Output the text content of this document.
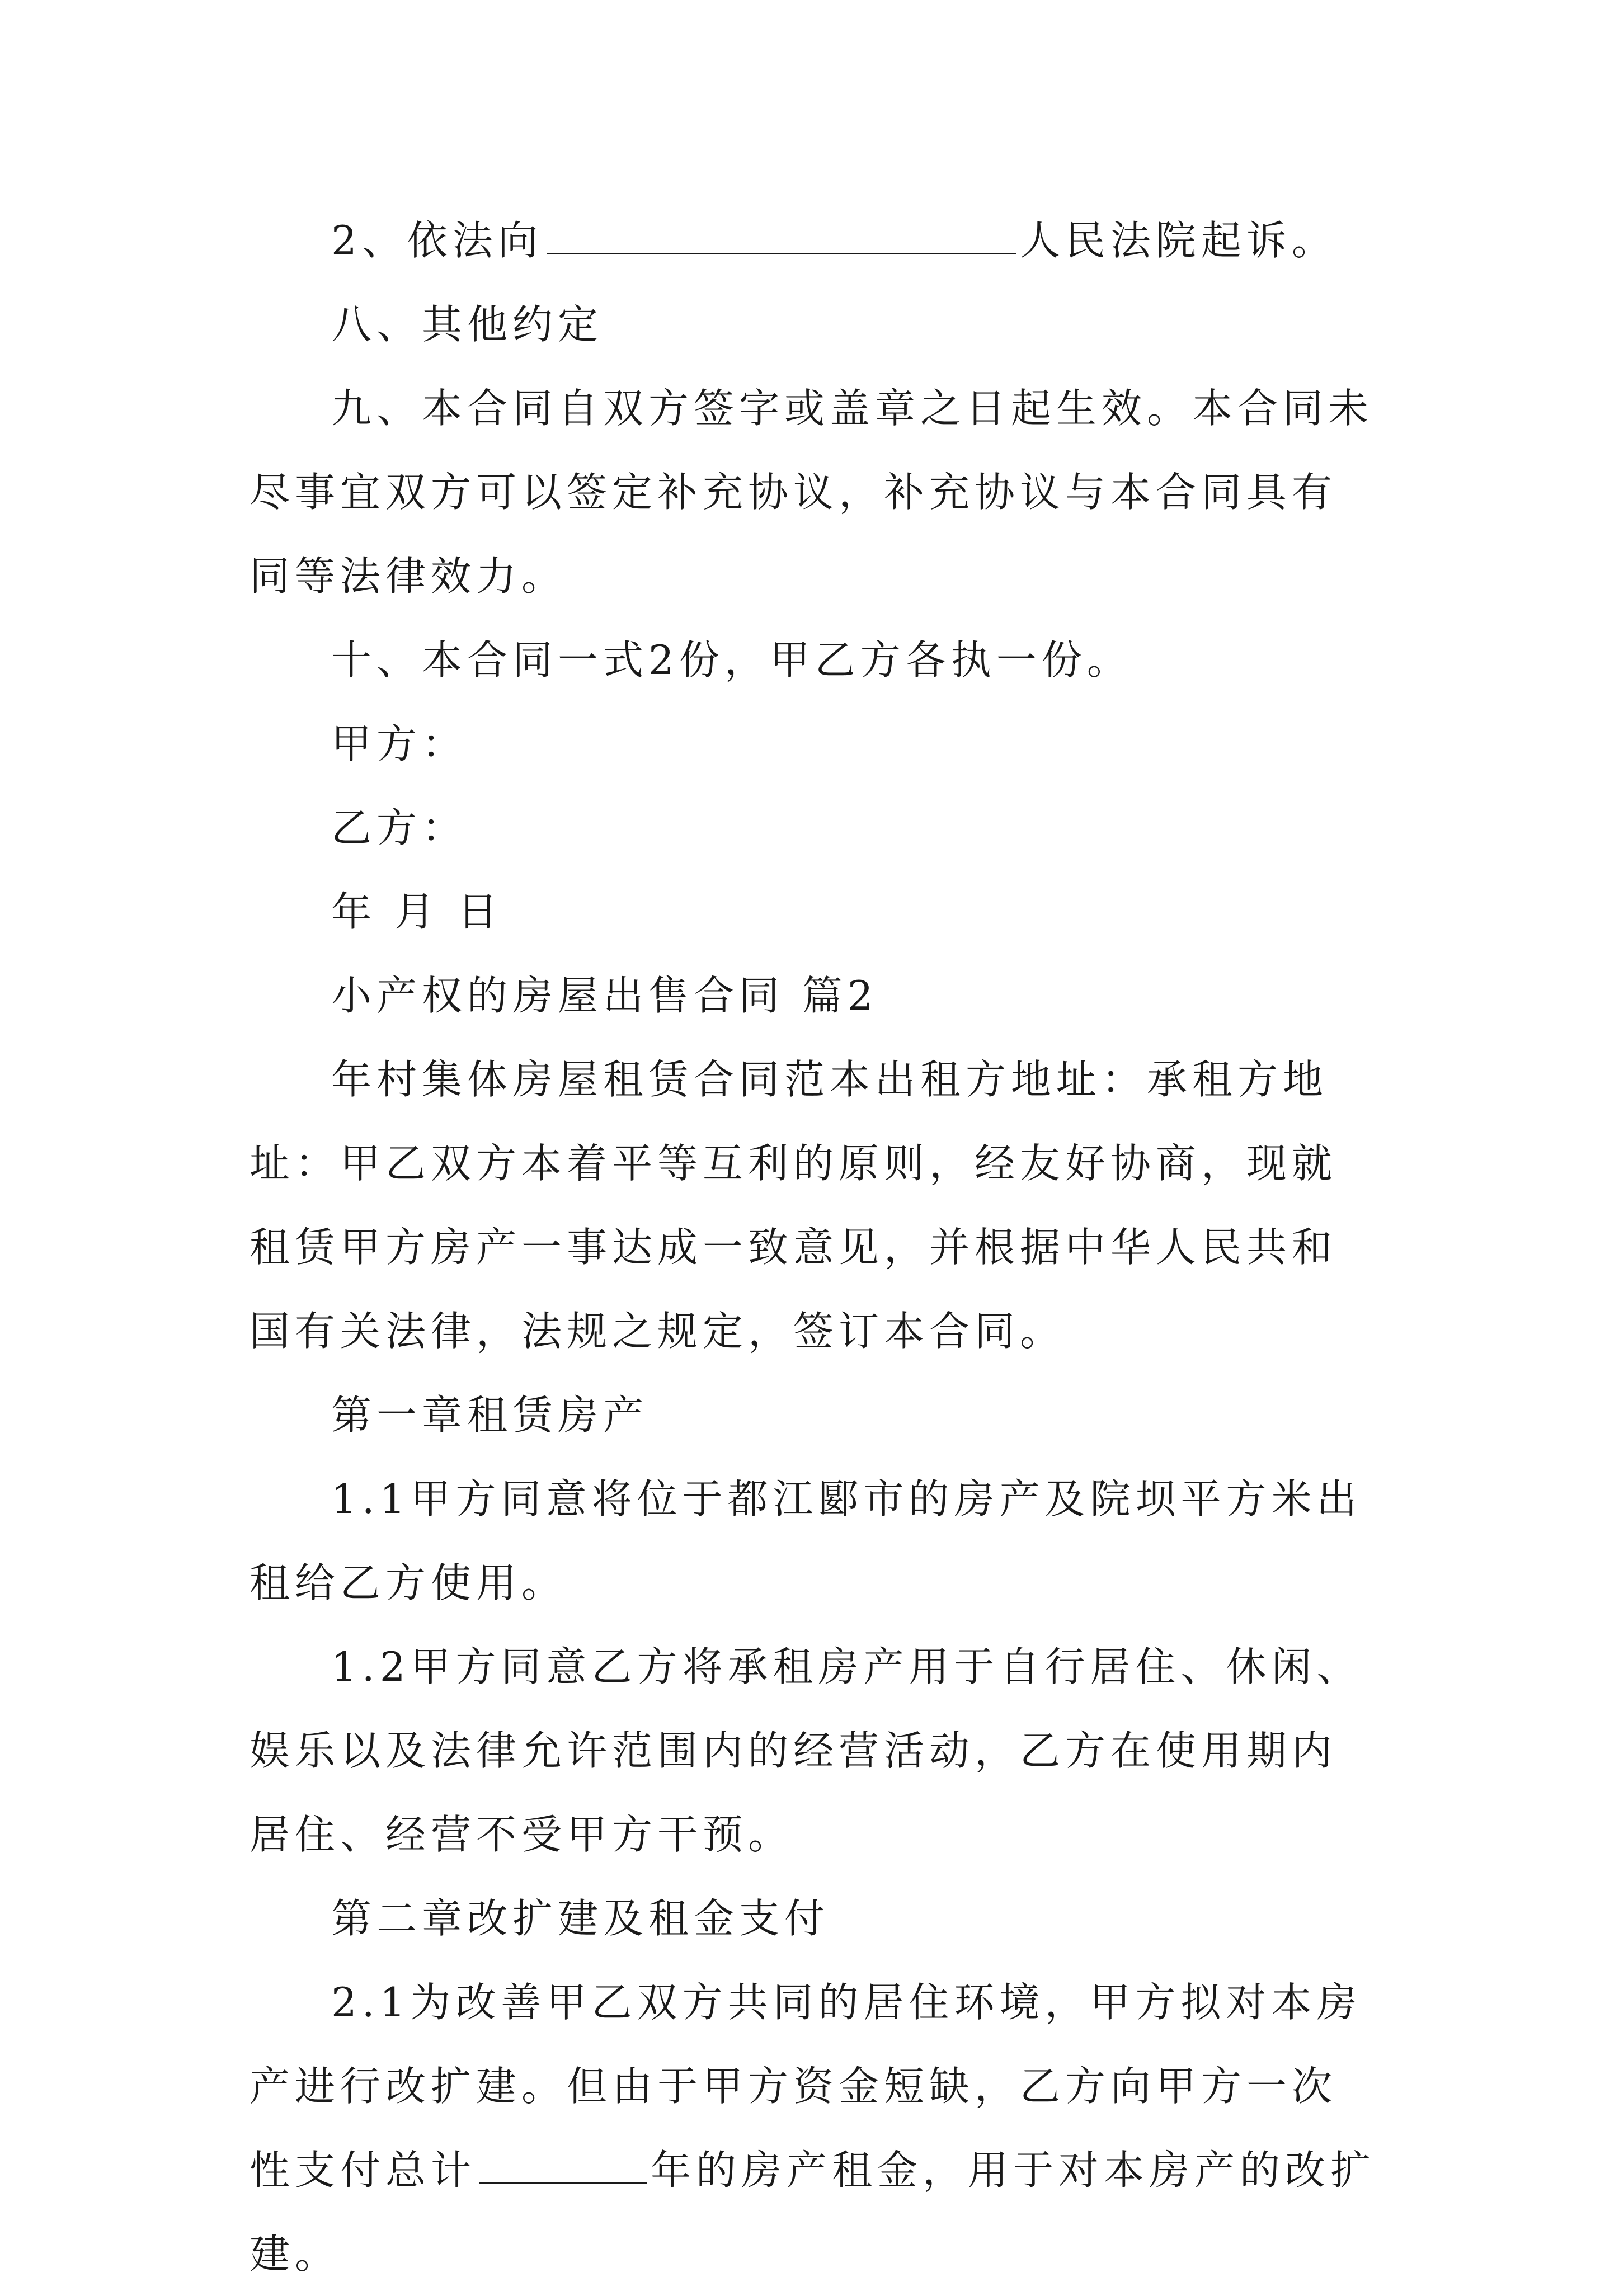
2、依法向	人民法院起诉。

八、其他约定

九、本合同自双方签字或盖章之日起生效。本合同未尽事宜双方可以签定补充协议，补充协议与本合同具有同等法律效力。

十、本合同一式2份，甲乙方各执一份。

甲方：

乙方：

年 月 日

小产权的房屋出售合同 篇2

年村集体房屋租赁合同范本出租方地址：承租方地址：甲乙双方本着平等互利的原则，经友好协商，现就租赁甲方房产一事达成一致意见，并根据中华人民共和国有关法律，法规之规定，签订本合同。

第一章租赁房产

1.1甲方同意将位于都江郾市的房产及院坝平方米出租给乙方使用。

1.2甲方同意乙方将承租房产用于自行居住、休闲、娱乐以及法律允许范围内的经营活动，乙方在使用期内居住、经营不受甲方干预。

第二章改扩建及租金支付

2.1为改善甲乙双方共同的居住环境，甲方拟对本房产进行改扩建。但由于甲方资金短缺，乙方向甲方一次性支付总计	年的房产租金，用于对本房产的改扩建。
